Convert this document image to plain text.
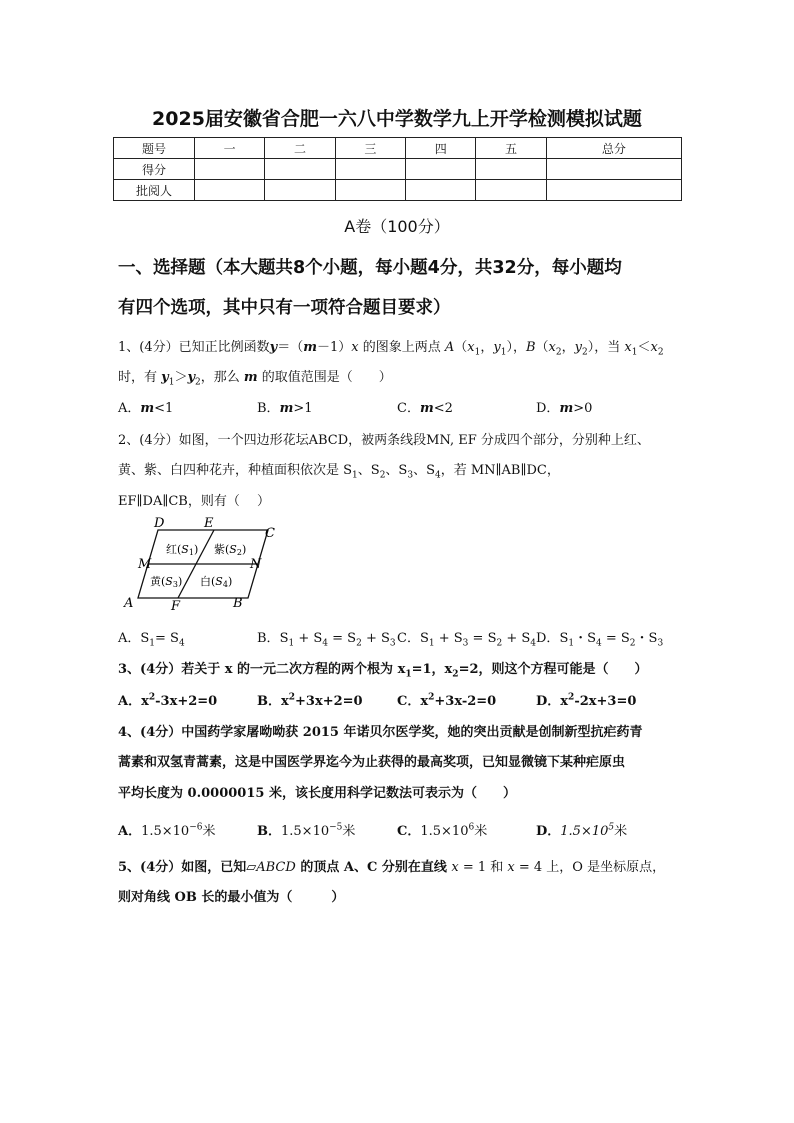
2025届安徽省合肥一六八中学数学九上开学检测模拟试题
题号	一	二	三	四	五	总分
得分						
批阅人						
A卷（100分）
一、选择题（本大题共8个小题，每小题4分，共32分，每小题均
有四个选项，其中只有一项符合题目要求）
1、(4分）已知正比例函数y＝（m－1）x 的图象上两点 $A(x_1$，$y_1$），$B(x_2$，$y_2$），当 $x_1<x_2$
时，有 $y_1>y_2$，那么 m 的取值范围是（　　）
A．m<1	B．m>1	C．m<2	D．m>0
2、(4分）如图，一个四边形花坛ABCD，被两条线段MN, EF 分成四个部分，分别种上红、
黄、紫、白四种花卉，种植面积依次是 $S_1$、$S_2$、$S_3$、$S_4$，若 MN∥AB∥DC，
EF∥DA∥CB，则有（　 ）
D	E
C
M	N
A	F	B
红(S1) 紫(S2)
黄(S3) 白(S4)
A．$S_1= S_4$	B．$S_1 + S_4 = S_2 + S_3$ C．$S_1 + S_3 = S_2 + S_4$ D．$S_1$・$S_4 = S_2$・$S_3$
3、(4分）若关于 x 的一元二次方程的两个根为 $x_1=1$，$x_2=2$，则这个方程可能是（　　）
A．$x^2-3x+2=0$	B．$x^2+3x+2=0$	C．$x^2+3x-2=0$	D．$x^2-2x+3=0$
4、(4分）中国药学家屠呦呦获 2015 年诺贝尔医学奖，她的突出贡献是创制新型抗疟药青
蒿素和双氢青蒿素，这是中国医学界迄今为止获得的最高奖项，已知显微镜下某种疟原虫
平均长度为 0.0000015 米，该长度用科学记数法可表示为（　　）
A．$1.5\times 10^{-6}$米	B．$1.5\times 10^{-5}$米	C．$1.5\times 10^6$米	D．$1.5\times 10^5$米
5、(4分）如图，已知▱ABCD 的顶点 A、C 分别在直线 x = 1 和 x = 4 上，O 是坐标原点，
则对角线 OB 长的最小值为（　　　）
